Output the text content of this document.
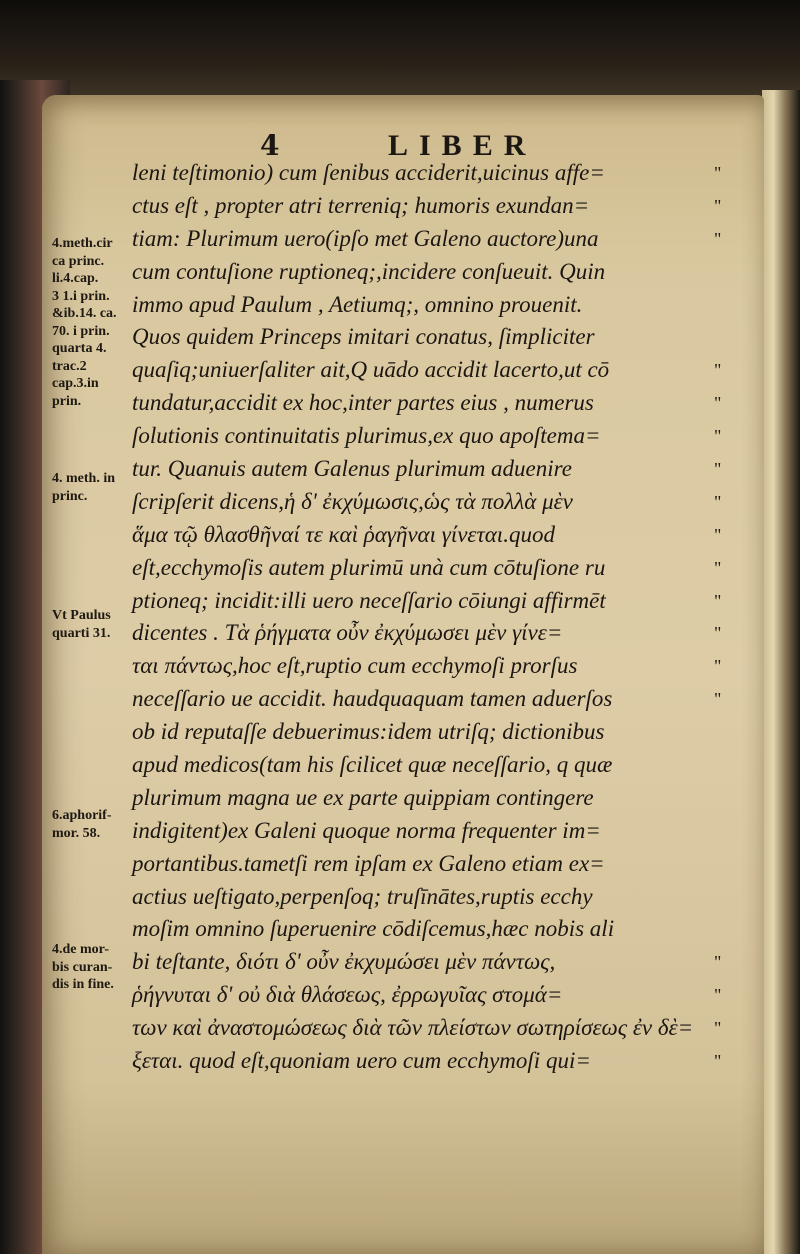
4	LIBER
4.meth.cir
ca princ.
li.4.cap.
3 1.i prin.
&ib.14. ca.
70. i prin.
quarta 4.
trac.2
cap.3.in
prin.
4. meth. in
princ.
Vt Paulus
quarti 31.
6.aphorif-
mor. 58.
4.de mor-
bis curan-
dis in fine.
leni teſtimonio) cum ſenibus acciderit,uicinus affe=
ctus eſt , propter atri terreniq; humoris exundan=
tiam: Plurimum uero(ipſo met Galeno auctore)una
cum contuſione ruptioneq;,incidere conſueuit. Quin
immo apud Paulum , Aetiumq;, omnino prouenit.
Quos quidem Princeps imitari conatus, ſimpliciter
quaſiq;uniuerſaliter ait,Q uādo accidit lacerto,ut cō
tundatur,accidit ex hoc,inter partes eius , numerus
ſolutionis continuitatis plurimus,ex quo apoſtema=
tur. Quanuis autem Galenus plurimum aduenire
ſcripſerit dicens,ἡ δ' ἐκχύμωσις,ὡς τὰ πολλὰ μὲν
ἅμα τῷ θλασθῆναί τε καὶ ῥαγῆναι γίνεται.quod
eſt,ecchymoſis autem plurimū unà cum cōtuſione ru
ptioneq; incidit:illi uero neceſſario cōiungi affirmēt
dicentes . Τὰ ῥήγματα οὖν ἐκχύμωσει μὲν γίνε=
ται πάντως,hoc eſt,ruptio cum ecchymoſi prorſus
neceſſario ue accidit. haudquaquam tamen aduerſos
ob id reputaſſe debuerimus:idem utriſq; dictionibus
apud medicos(tam his ſcilicet quæ neceſſario, q quæ
plurimum magna ue ex parte quippiam contingere
indigitent)ex Galeni quoque norma frequenter im=
portantibus.tametſi rem ipſam ex Galeno etiam ex=
actius ueſtigato,perpenſoq; truſīnātes,ruptis ecchy
moſim omnino ſuperuenire cōdiſcemus,hæc nobis ali
bi teſtante, διότι δ' οὖν ἐκχυμώσει μὲν πάντως,
ῥήγνυται δ' οὐ διὰ θλάσεως, ἐρρωγυῖας στομά=
των καὶ ἀναστομώσεως διὰ τῶν πλείστων σωτηρίσεως ἐν δὲ=
ξεται. quod eſt,quoniam uero cum ecchymoſi qui=
"
"
"
"
"
"
"
"
"
"
"
"
"
"
"
"
"
"
